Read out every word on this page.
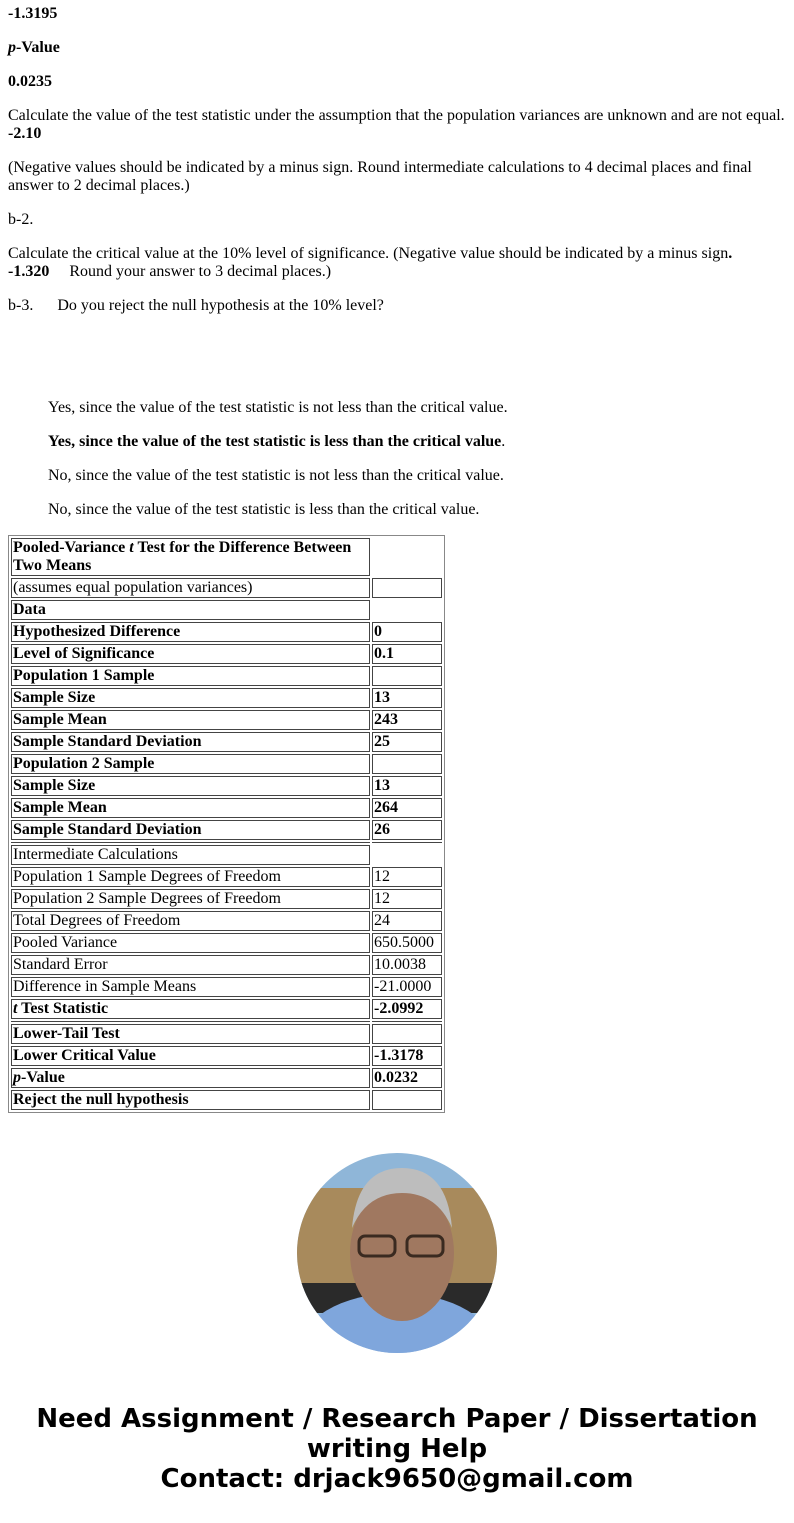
-1.3195

p-Value

0.0235

Calculate the value of the test statistic under the assumption that the population variances are unknown and are not equal.
-2.10

(Negative values should be indicated by a minus sign. Round intermediate calculations to 4 decimal places and final answer to 2 decimal places.)

b-2.

Calculate the critical value at the 10% level of significance. (Negative value should be indicated by a minus sign.
-1.320 Round your answer to 3 decimal places.)

b-3. Do you reject the null hypothesis at the 10% level?

Yes, since the value of the test statistic is not less than the critical value.

Yes, since the value of the test statistic is less than the critical value.

No, since the value of the test statistic is not less than the critical value.

No, since the value of the test statistic is less than the critical value.

Pooled-Variance t Test for the Difference Between Two Means	
(assumes equal population variances)	
Data	
Hypothesized Difference	0
Level of Significance	0.1
Population 1 Sample	
Sample Size	13
Sample Mean	243
Sample Standard Deviation	25
Population 2 Sample	
Sample Size	13
Sample Mean	264
Sample Standard Deviation	26

Intermediate Calculations	
Population 1 Sample Degrees of Freedom	12
Population 2 Sample Degrees of Freedom	12
Total Degrees of Freedom	24
Pooled Variance	650.5000
Standard Error	10.0038
Difference in Sample Means	-21.0000
t Test Statistic	-2.0992

Lower-Tail Test	
Lower Critical Value	-1.3178
p-Value	0.0232
Reject the null hypothesis	
Need Assignment / Research Paper / Dissertation writing Help
Contact: drjack9650@gmail.com
